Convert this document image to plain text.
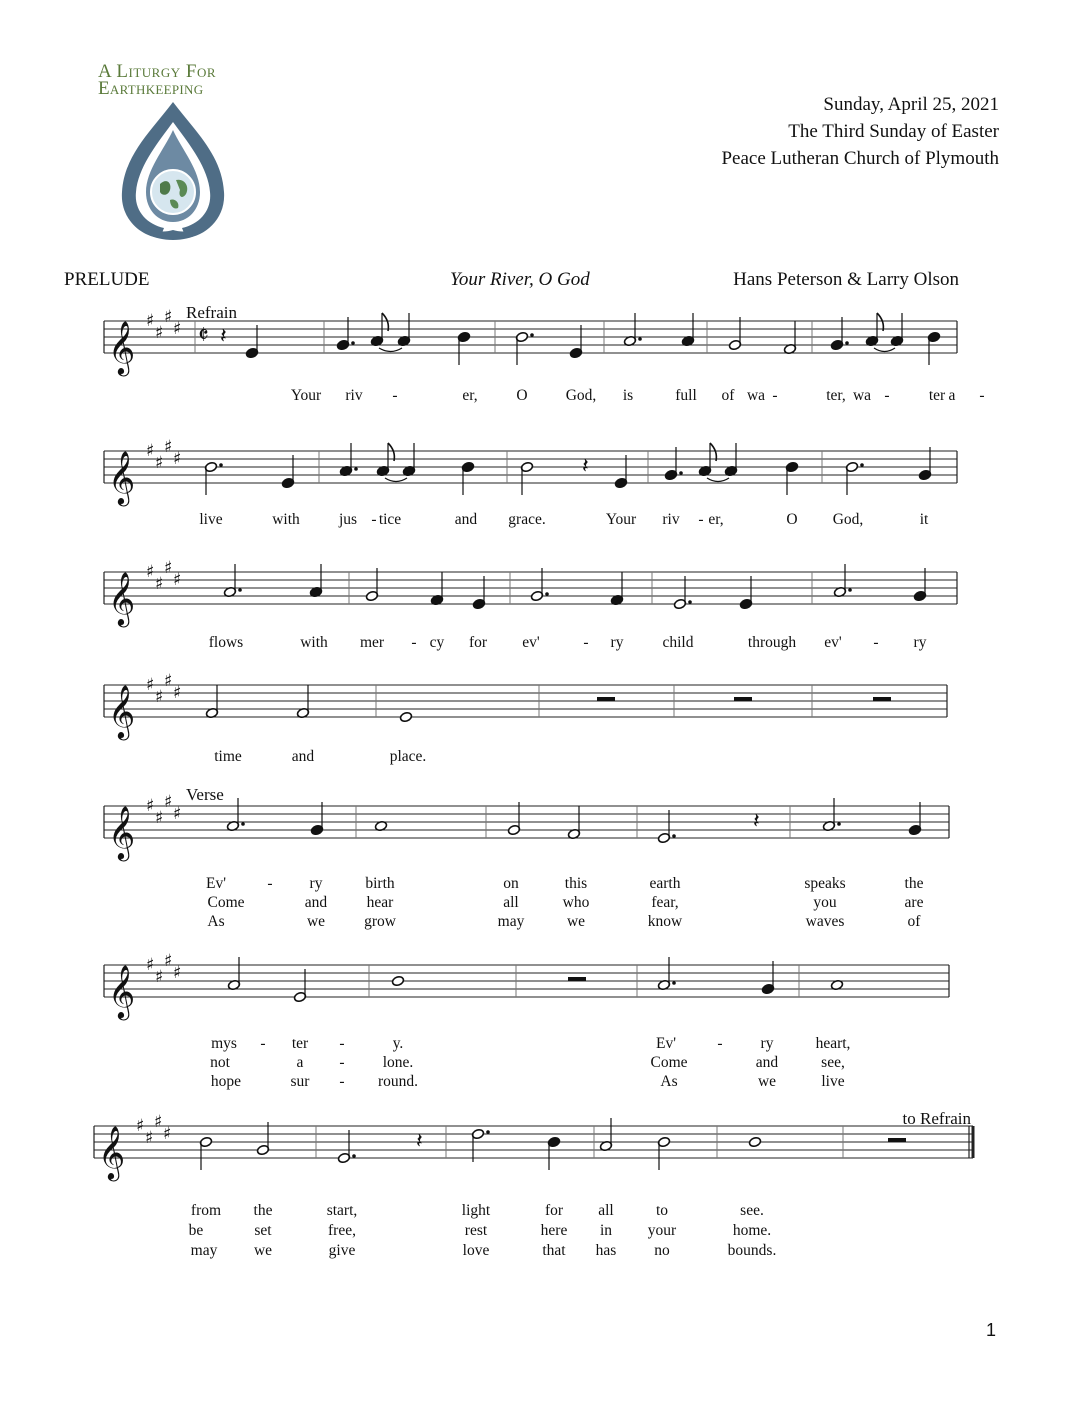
A Liturgy For
Earthkeeping
Sunday, April 25, 2021
The Third Sunday of Easter
Peace Lutheran Church of Plymouth
PRELUDE	Your River, O God	Hans Peterson & Larry Olson
𝄞 ♯
♯
♯
♯ 𝄵 𝄽
Your riv -	er,	O God, is	full of wa -	ter, wa -	ter a -
𝄞 ♯
♯
♯
♯	𝄽
live	with	jus - tice	and grace.	Your riv - er,	O God,	it
𝄞 ♯
♯
♯
♯
flows	with mer - cy for ev'	- ry	child	through ev' - ry
𝄞 ♯
♯
♯
♯
time	and	place.
𝄞 ♯
♯
♯
♯	𝄽
Ev'	- ry	birth	on	this	earth	speaks	the
Come	and	hear	all	who	fear,	you	are
As	we	grow	may	we	know	waves	of
𝄞 ♯
♯
♯
♯
mys - ter -	y.	Ev'	- ry	heart,
not	a - lone.	Come	and	see,
hope	sur - round.	As	we	live
𝄞 ♯
♯
♯
♯	𝄽
from the	start,	light	for all	to	see.
be	set	free,	rest	here in your	home.
may we	give	love	that has no	bounds.
Refrain
Verse
to Refrain
1
